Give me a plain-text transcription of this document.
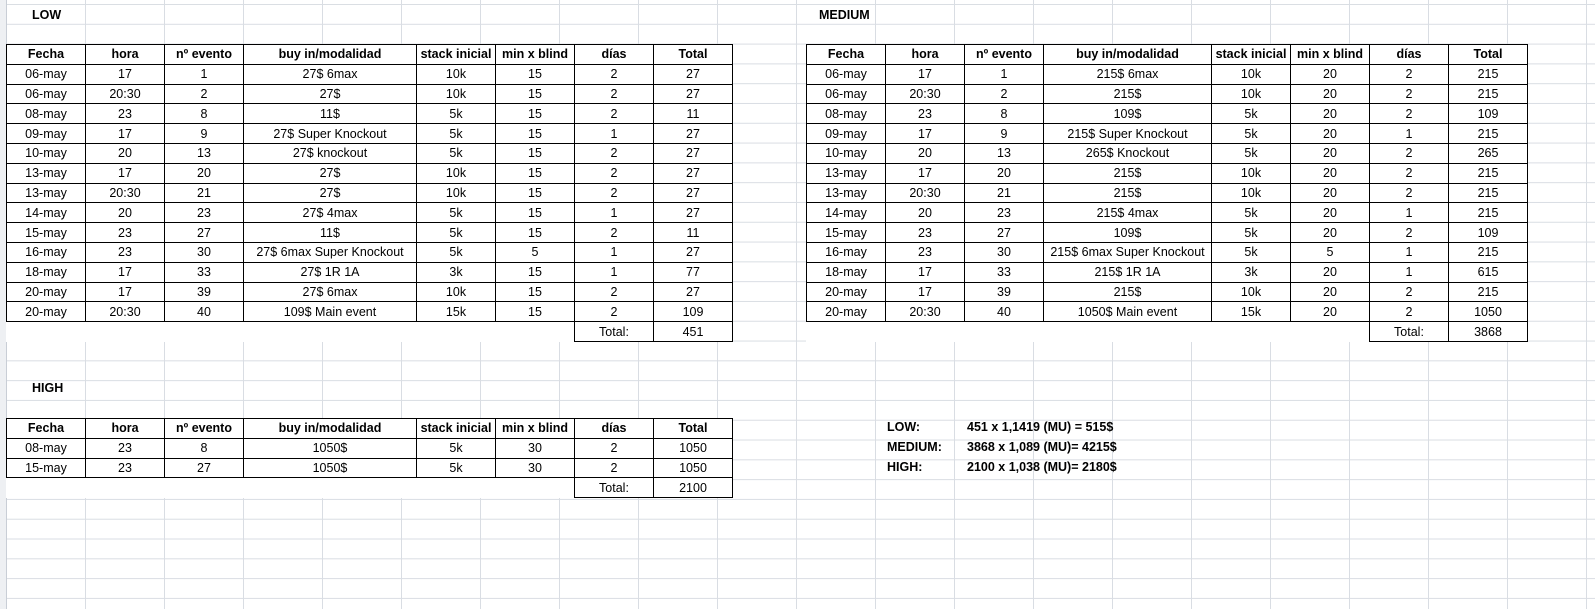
LOW	MEDIUM
HIGH
Fecha	hora	nº evento	buy in/modalidad	stack inicial	min x blind	días	Total
06-may	17	1	27$ 6max	10k	15	2	27
06-may	20:30	2	27$	10k	15	2	27
08-may	23	8	11$	5k	15	2	11
09-may	17	9	27$ Super Knockout	5k	15	1	27
10-may	20	13	27$ knockout	5k	15	2	27
13-may	17	20	27$	10k	15	2	27
13-may	20:30	21	27$	10k	15	2	27
14-may	20	23	27$ 4max	5k	15	1	27
15-may	23	27	11$	5k	15	2	11
16-may	23	30	27$ 6max Super Knockout	5k	5	1	27
18-may	17	33	27$ 1R 1A	3k	15	1	77
20-may	17	39	27$ 6max	10k	15	2	27
20-may	20:30	40	109$ Main event	15k	15	2	109
						Total:	451
Fecha	hora	nº evento	buy in/modalidad	stack inicial	min x blind	días	Total
06-may	17	1	215$ 6max	10k	20	2	215
06-may	20:30	2	215$	10k	20	2	215
08-may	23	8	109$	5k	20	2	109
09-may	17	9	215$ Super Knockout	5k	20	1	215
10-may	20	13	265$ Knockout	5k	20	2	265
13-may	17	20	215$	10k	20	2	215
13-may	20:30	21	215$	10k	20	2	215
14-may	20	23	215$ 4max	5k	20	1	215
15-may	23	27	109$	5k	20	2	109
16-may	23	30	215$ 6max Super Knockout	5k	5	1	215
18-may	17	33	215$ 1R 1A	3k	20	1	615
20-may	17	39	215$	10k	20	2	215
20-may	20:30	40	1050$ Main event	15k	20	2	1050
						Total:	3868
Fecha	hora	nº evento	buy in/modalidad	stack inicial	min x blind	días	Total
08-may	23	8	1050$	5k	30	2	1050
15-may	23	27	1050$	5k	30	2	1050
						Total:	2100
LOW:	451 x 1,1419 (MU) = 515$
MEDIUM:	3868 x 1,089 (MU)= 4215$
HIGH:	2100 x 1,038 (MU)= 2180$
